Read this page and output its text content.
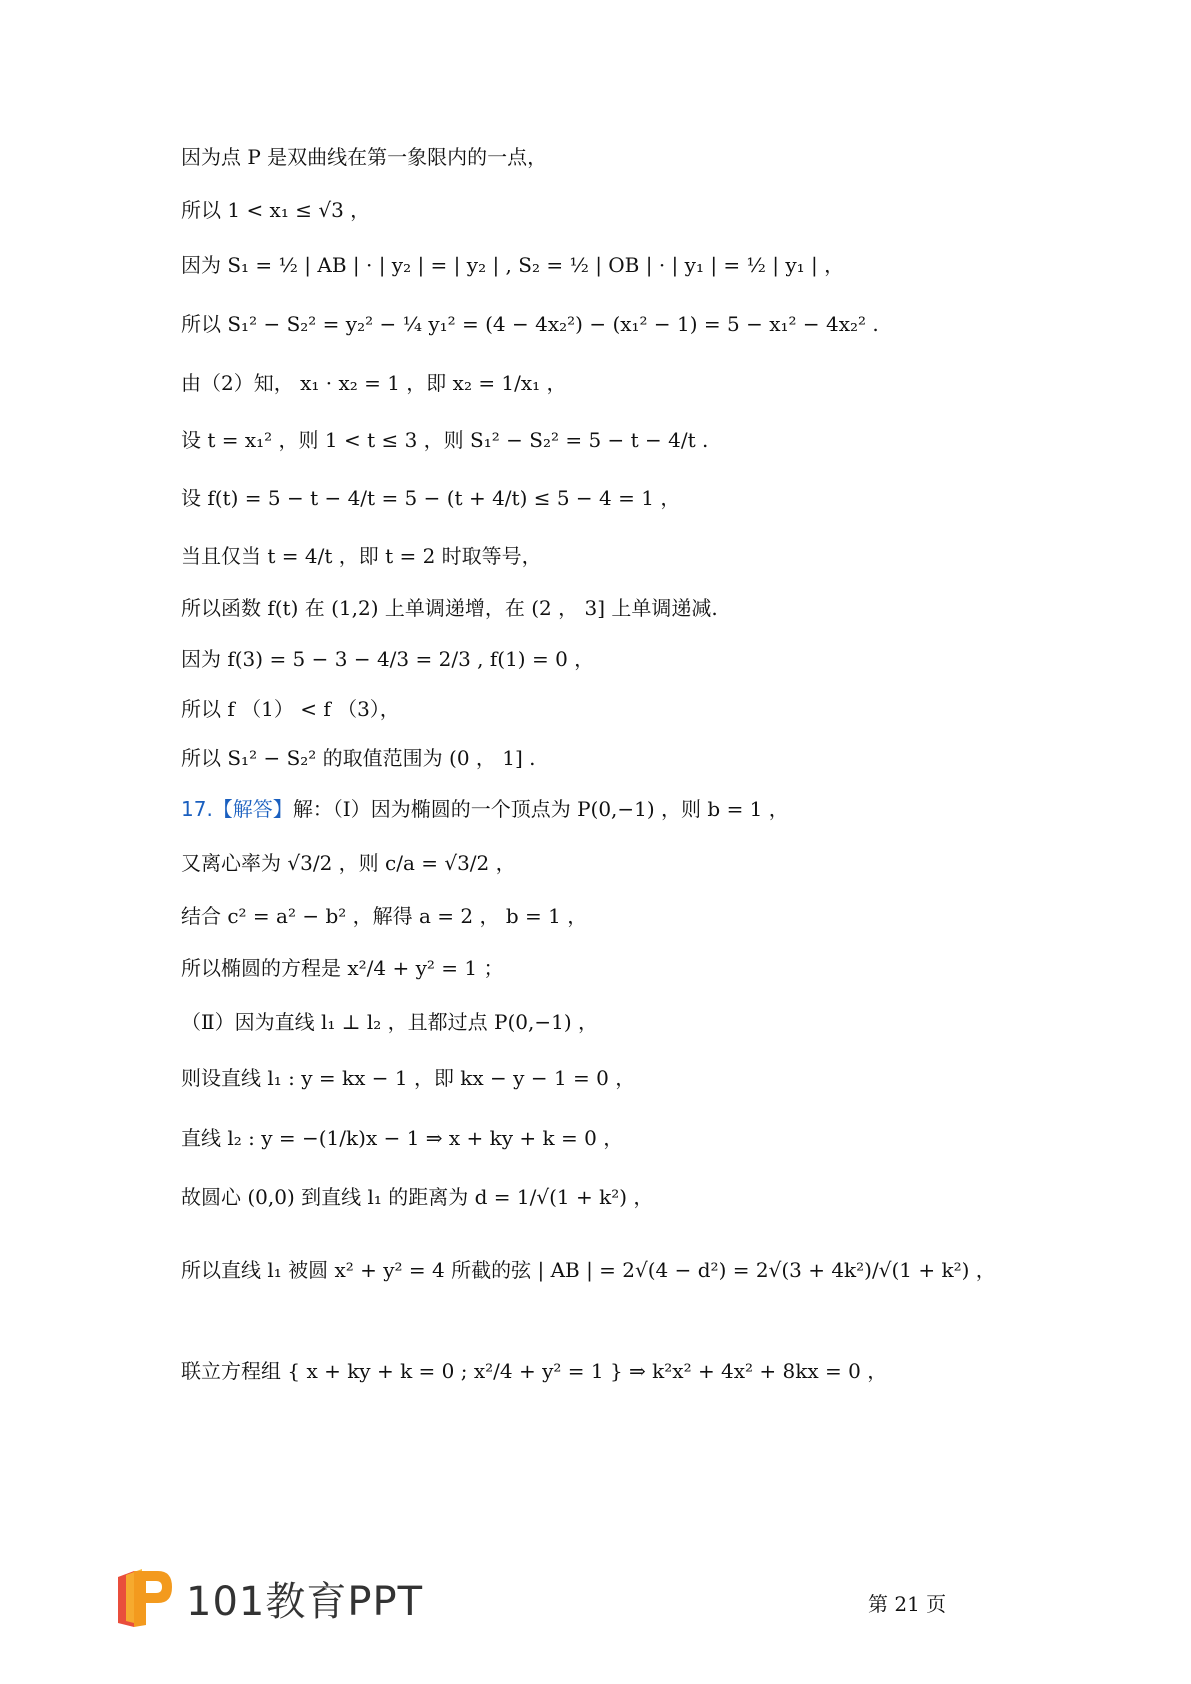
因为点 P 是双曲线在第一象限内的一点，
所以 1 < x₁ ≤ √3 ，
因为 S₁ = ½ | AB | · | y₂ | = | y₂ | , S₂ = ½ | OB | · | y₁ | = ½ | y₁ | ，
所以 S₁² − S₂² = y₂² − ¼ y₁² = (4 − 4x₂²) − (x₁² − 1) = 5 − x₁² − 4x₂² .
由（2）知， x₁ · x₂ = 1 ，即 x₂ = 1/x₁ ，
设 t = x₁² ，则 1 < t ≤ 3 ，则 S₁² − S₂² = 5 − t − 4/t .
设 f(t) = 5 − t − 4/t = 5 − (t + 4/t) ≤ 5 − 4 = 1 ，
当且仅当 t = 4/t ，即 t = 2 时取等号，
所以函数 f(t) 在 (1,2) 上单调递增，在 (2 ， 3] 上单调递减.
因为 f(3) = 5 − 3 − 4/3 = 2/3 , f(1) = 0 ，
所以 f （1） < f （3），
所以 S₁² − S₂² 的取值范围为 (0 ， 1] .
17.【解答】解：（Ⅰ）因为椭圆的一个顶点为 P(0,−1) ，则 b = 1 ，
又离心率为 √3/2 ，则 c/a = √3/2 ，
结合 c² = a² − b² ，解得 a = 2 ， b = 1 ，
所以椭圆的方程是 x²/4 + y² = 1 ；
（Ⅱ）因为直线 l₁ ⊥ l₂ ，且都过点 P(0,−1) ，
则设直线 l₁ : y = kx − 1 ，即 kx − y − 1 = 0 ，
直线 l₂ : y = −(1/k)x − 1 ⇒ x + ky + k = 0 ，
故圆心 (0,0) 到直线 l₁ 的距离为 d = 1/√(1 + k²) ，
所以直线 l₁ 被圆 x² + y² = 4 所截的弦 | AB | = 2√(4 − d²) = 2√(3 + 4k²)/√(1 + k²) ，
联立方程组 { x + ky + k = 0 ; x²/4 + y² = 1 } ⇒ k²x² + 4x² + 8kx = 0 ，
101教育PPT	第 21 页
